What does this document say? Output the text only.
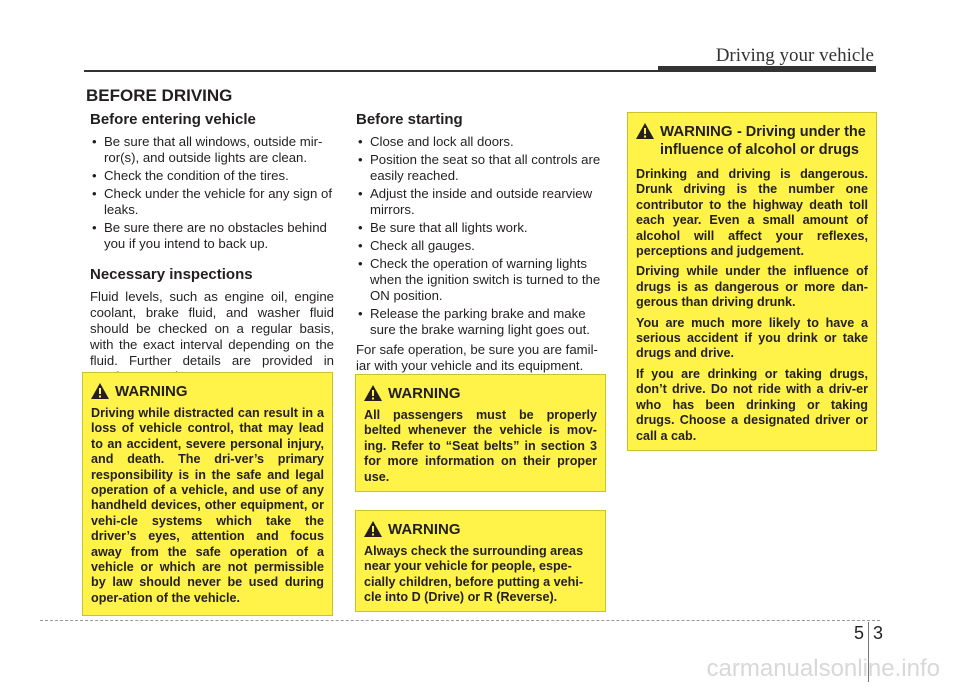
Driving your vehicle
BEFORE DRIVING
Before entering vehicle
• Be sure that all windows, outside mir-ror(s), and outside lights are clean.
• Check the condition of the tires.
• Check under the vehicle for any sign of leaks.
• Be sure there are no obstacles behind you if you intend to back up.
Necessary inspections

Fluid levels, such as engine oil, engine coolant, brake fluid, and washer fluid should be checked on a regular basis, with the exact interval depending on the fluid. Further details are provided in

Before starting
• Close and lock all doors.
• Position the seat so that all controls are easily reached.
• Adjust the inside and outside rearview mirrors.
• Be sure that all lights work.
• Check all gauges.
• Check the operation of warning lights when the ignition switch is turned to the ON position.
• Release the parking brake and make sure the brake warning light goes out.

For safe operation, be sure you are famil-iar with your vehicle and its equipment.

WARNING
Driving while distracted can result in a loss of vehicle control, that may lead to an accident, severe personal injury, and death. The dri-ver’s primary responsibility is in the safe and legal operation of a vehicle, and use of any handheld devices, other equipment, or vehi-cle systems which take the driver’s eyes, attention and focus away from the safe operation of a vehicle or which are not permissible by law should never be used during oper-ation of the vehicle.
WARNING
All passengers must be properly belted whenever the vehicle is mov-ing. Refer to “Seat belts” in section 3 for more information on their proper use.
WARNING
Always check the surrounding areas near your vehicle for people, espe-cially children, before putting a vehi-cle into D (Drive) or R (Reverse).
WARNING - Driving under the influence of alcohol or drugs

Drinking and driving is dangerous. Drunk driving is the number one contributor to the highway death toll each year. Even a small amount of alcohol will affect your reflexes, perceptions and judgement.

Driving while under the influence of drugs is as dangerous or more dan-gerous than driving drunk.

You are much more likely to have a serious accident if you drink or take drugs and drive.

If you are drinking or taking drugs, don’t drive. Do not ride with a driv-er who has been drinking or taking drugs. Choose a designated driver or call a cab.

5 3
carmanualsonline.info
